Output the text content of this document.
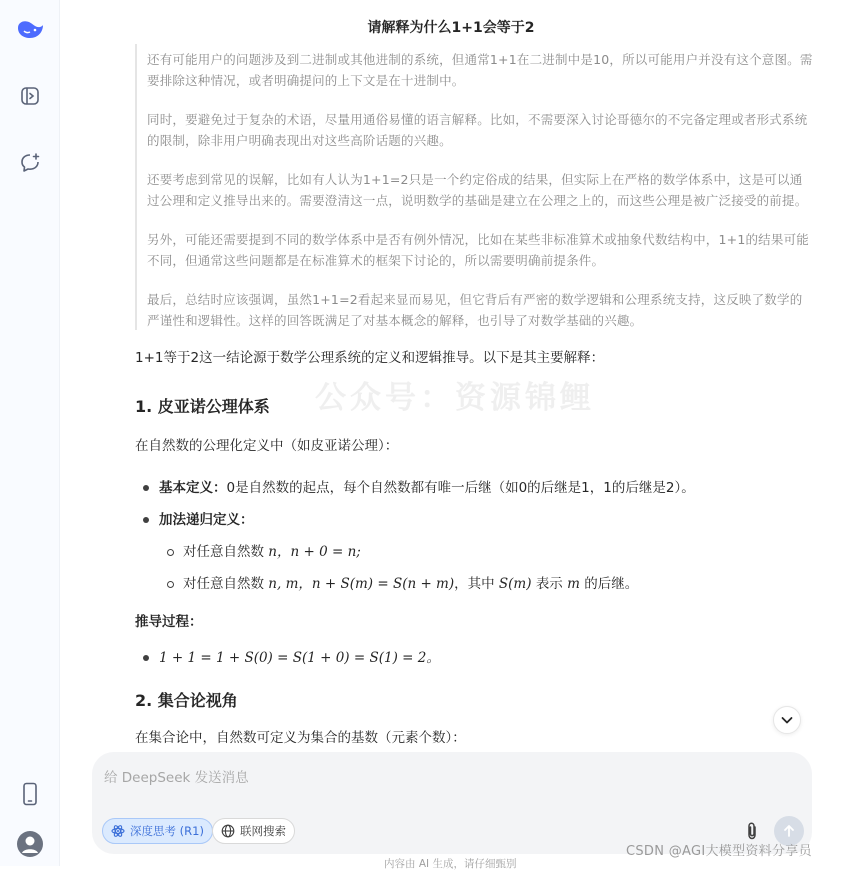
请解释为什么1+1会等于2

还有可能用户的问题涉及到二进制或其他进制的系统，但通常1+1在二进制中是10，所以可能用户并没有这个意图。需要排除这种情况，或者明确提问的上下文是在十进制中。

同时，要避免过于复杂的术语，尽量用通俗易懂的语言解释。比如，不需要深入讨论哥德尔的不完备定理或者形式系统的限制，除非用户明确表现出对这些高阶话题的兴趣。

还要考虑到常见的误解，比如有人认为1+1=2只是一个约定俗成的结果，但实际上在严格的数学体系中，这是可以通过公理和定义推导出来的。需要澄清这一点，说明数学的基础是建立在公理之上的，而这些公理是被广泛接受的前提。

另外，可能还需要提到不同的数学体系中是否有例外情况，比如在某些非标准算术或抽象代数结构中，1+1的结果可能不同，但通常这些问题都是在标准算术的框架下讨论的，所以需要明确前提条件。

最后，总结时应该强调，虽然1+1=2看起来显而易见，但它背后有严密的数学逻辑和公理系统支持，这反映了数学的严谨性和逻辑性。这样的回答既满足了对基本概念的解释，也引导了对数学基础的兴趣。

公众号：资源锦鲤
1+1等于2这一结论源于数学公理系统的定义和逻辑推导。以下是其主要解释：
1. 皮亚诺公理体系
在自然数的公理化定义中（如皮亚诺公理）：
基本定义：0是自然数的起点，每个自然数都有唯一后继（如0的后继是1，1的后继是2）。
加法递归定义：
对任意自然数 n，n + 0 = n;
对任意自然数 n, m，n + S(m) = S(n + m)，其中 S(m) 表示 m 的后继。
推导过程：
1 + 1 = 1 + S(0) = S(1 + 0) = S(1) = 2。
2. 集合论视角
在集合论中，自然数可定义为集合的基数（元素个数）：
给 DeepSeek 发送消息
深度思考 (R1)	联网搜索
内容由 AI 生成，请仔细甄别
CSDN @AGI大模型资料分享员
